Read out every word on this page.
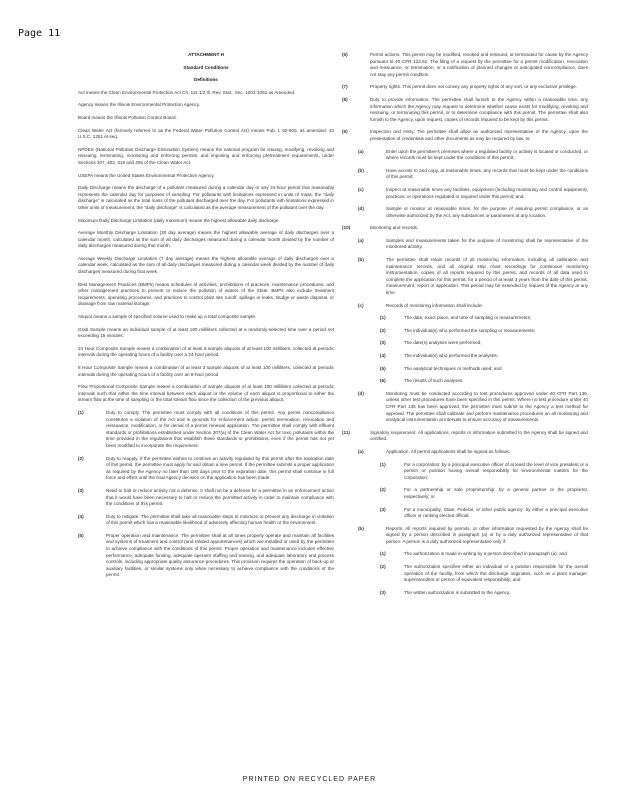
Page 11
ATTACHMENT H
Standard Conditions
Definitions

Act means the Clean Environmental Protection Act Ch. 111 1/2 Ill. Rev. Stat., Sec. 1001-1052 as Amended.

Agency means the Illinois Environmental Protection Agency.

Board means the Illinois Pollution Control Board.

Clean Water Act (formerly referred to as the Federal Water Pollution Control Act) means Pub. L 92-500, as amended. 33 U.S.C. 1251 et seq.

NPDES (National Pollutant Discharge Elimination System) means the national program for issuing, modifying, revoking and reissuing, terminating, monitoring and enforcing permits, and imposing and enforcing pretreatment requirements, under Sections 307, 402, 318 and 405 of the Clean Water Act.

USEPA means the United States Environmental Protection Agency.

Daily Discharge means the discharge of a pollutant measured during a calendar day or any 24-hour period that reasonably represents the calendar day for purposes of sampling. For pollutants with limitations expressed in units of mass, the "daily discharge" is calculated as the total mass of the pollutant discharged over the day. For pollutants with limitations expressed in other units of measurement, the "daily discharge" is calculated as the average measurement of the pollutant over the day.

Maximum Daily Discharge Limitation (daily maximum) means the highest allowable daily discharge.

Average Monthly Discharge Limitation (30 day average) means the highest allowable average of daily discharges over a calendar month, calculated as the sum of all daily discharges measured during a calendar month divided by the number of daily discharges measured during that month.

Average Weekly Discharge Limitation (7 day average) means the highest allowable average of daily discharges over a calendar week, calculated as the sum of all daily discharges measured during a calendar week divided by the number of daily discharges measured during that week.

Best Management Practices (BMPs) means schedules of activities, prohibitions of practices, maintenance procedures, and other management practices to prevent or reduce the pollution of waters of the State. BMPs also include treatment requirements, operating procedures, and practices to control plant site runoff, spillage or leaks, sludge or waste disposal, or drainage from raw material storage.

Aliquot means a sample of specified volume used to make up a total composite sample.

Grab Sample means an individual sample of at least 100 milliliters collected at a randomly-selected time over a period not exceeding 15 minutes.

24 Hour Composite Sample means a combination of at least 8 sample aliquots of at least 100 milliliters, collected at periodic intervals during the operating hours of a facility over a 24-hour period.

8 Hour Composite Sample means a combination of at least 3 sample aliquots of at least 100 milliliters, collected at periodic intervals during the operating hours of a facility over an 8-hour period.

Flow Proportional Composite Sample means a combination of sample aliquots of at least 100 milliliters collected at periodic intervals such that either the time interval between each aliquot or the volume of each aliquot is proportional to either the stream flow at the time of sampling or the total stream flow since the collection of the previous aliquot.

(1)	Duty to comply. The permittee must comply with all conditions of this permit. Any permit noncompliance constitutes a violation of the Act and is grounds for enforcement action, permit termination, revocation and reissuance, modification, or for denial of a permit renewal application. The permittee shall comply with effluent standards or prohibitions established under Section 307(a) of the Clean Water Act for toxic pollutants within the time provided in the regulations that establish these standards or prohibitions, even if the permit has not yet been modified to incorporate the requirement.
(2)	Duty to reapply. If the permittee wishes to continue an activity regulated by this permit after the expiration date of this permit, the permittee must apply for and obtain a new permit. If the permittee submits a proper application as required by the Agency no later than 180 days prior to the expiration date, this permit shall continue in full force and effect until the final Agency decision on the application has been made.
(3)	Need to halt or reduce activity not a defense. It shall not be a defense for a permittee in an enforcement action that it would have been necessary to halt or reduce the permitted activity in order to maintain compliance with the conditions of this permit.
(4)	Duty to mitigate. The permittee shall take all reasonable steps to minimize or prevent any discharge in violation of this permit which has a reasonable likelihood of adversely affecting human health or the environment.
(5)	Proper operation and maintenance. The permittee shall at all times properly operate and maintain all facilities and systems of treatment and control (and related appurtenances) which are installed or used by the permittee to achieve compliance with the conditions of this permit. Proper operation and maintenance includes effective performance, adequate funding, adequate operator staffing and training, and adequate laboratory and process controls, including appropriate quality assurance procedures. This provision requires the operation of back-up or auxiliary facilities, or similar systems only when necessary to achieve compliance with the conditions of the permit.
(6)	Permit actions. This permit may be modified, revoked and reissued, or terminated for cause by the Agency pursuant to 40 CFR 122.62. The filing of a request by the permittee for a permit modification, revocation and reissuance, or termination, or a notification of planned changes or anticipated noncompliance, does not stay any permit condition.
(7)	Property rights. This permit does not convey any property rights of any sort, or any exclusive privilege.
(8)	Duty to provide information. The permittee shall furnish to the Agency within a reasonable time, any information which the Agency may request to determine whether cause exists for modifying, revoking and reissuing, or terminating this permit, or to determine compliance with this permit. The permittee shall also furnish to the Agency, upon request, copies of records required to be kept by this permit.
(9)	Inspection and entry. The permittee shall allow an authorized representative of the Agency, upon the presentation of credentials and other documents as may be required by law, to:
(a)	Enter upon the permittee's premises where a regulated facility or activity is located or conducted, or where records must be kept under the conditions of this permit;
(b)	Have access to and copy, at reasonable times, any records that must be kept under the conditions of this permit;
(c)	Inspect at reasonable times any facilities, equipment (including monitoring and control equipment), practices, or operations regulated or required under this permit; and
(d)	Sample or monitor at reasonable times, for the purpose of assuring permit compliance, or as otherwise authorized by the Act, any substances or parameters at any location.
(10)	Monitoring and records.
(a)	Samples and measurements taken for the purpose of monitoring shall be representative of the monitored activity.
(b)	The permittee shall retain records of all monitoring information, including all calibration and maintenance records, and all original strip chart recordings for continuous monitoring instrumentation, copies of all reports required by this permit, and records of all data used to complete the application for this permit, for a period of at least 3 years from the date of this permit, measurement, report or application. This period may be extended by request of the Agency at any time.
(c)	Records of monitoring information shall include:
(1)	The date, exact place, and time of sampling or measurements;
(2)	The individual(s) who performed the sampling or measurements;
(3)	The date(s) analyses were performed;
(4)	The individual(s) who performed the analyses;
(5)	The analytical techniques or methods used; and
(6)	The results of such analyses.
(d)	Monitoring must be conducted according to test procedures approved under 40 CFR Part 136, unless other test procedures have been specified in this permit. Where no test procedure under 40 CFR Part 136 has been approved, the permittee must submit to the Agency a test method for approval. The permittee shall calibrate and perform maintenance procedures on all monitoring and analytical instrumentation at intervals to ensure accuracy of measurements.
(11)	Signatory requirement. All applications, reports or information submitted to the Agency shall be signed and certified.
(a)	Application. All permit applications shall be signed as follows:
(1)	For a corporation: by a principal executive officer of at least the level of vice president or a person or position having overall responsibility for environmental matters for the corporation;
(2)	For a partnership or sole proprietorship: by a general partner or the proprietor, respectively; or
(3)	For a municipality, State, Federal, or other public agency: by either a principal executive officer or ranking elected official.
(b)	Reports. All reports required by permits, or other information requested by the Agency shall be signed by a person described in paragraph (a) or by a duly authorized representative of that person. A person is a duly authorized representative only if:
(1)	The authorization is made in writing by a person described in paragraph (a); and
(2)	The authorization specifies either an individual or a position responsible for the overall operation of the facility, from which the discharge originates, such as a plant manager, superintendent or person of equivalent responsibility; and
(3)	The written authorization is submitted to the Agency.
PRINTED ON RECYCLED PAPER
